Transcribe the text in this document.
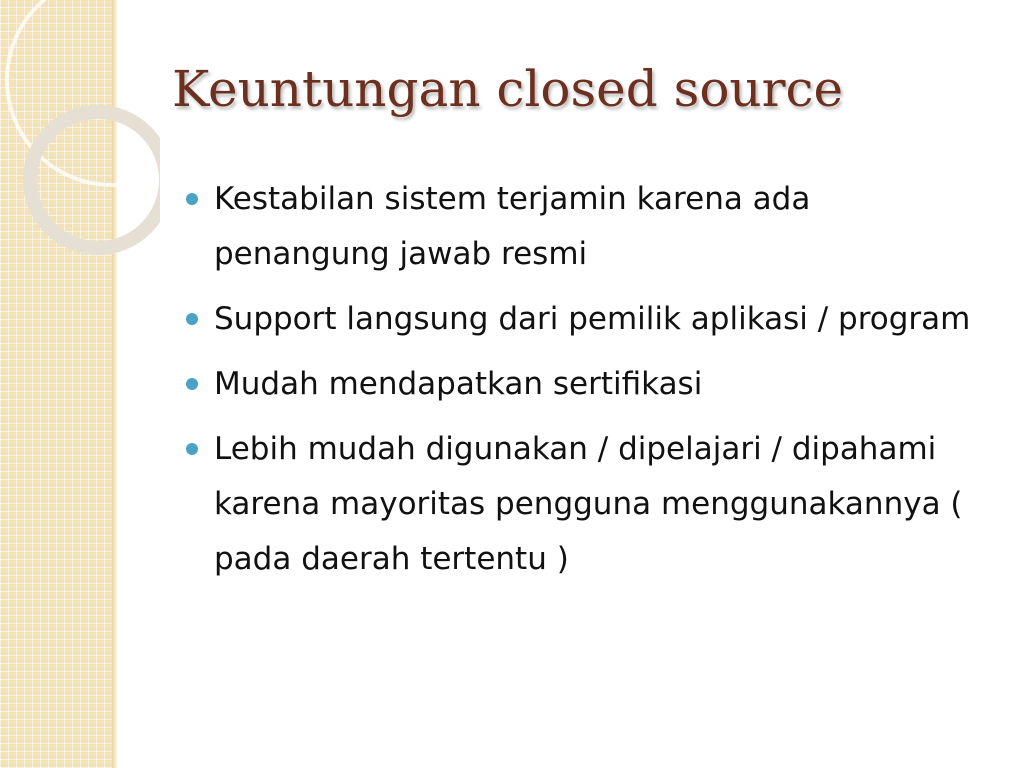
Keuntungan closed source
Kestabilan sistem terjamin karena ada penangung jawab resmi
Support langsung dari pemilik aplikasi / program
Mudah mendapatkan sertifikasi
Lebih mudah digunakan / dipelajari / dipahami karena mayoritas pengguna menggunakannya ( pada daerah tertentu )
